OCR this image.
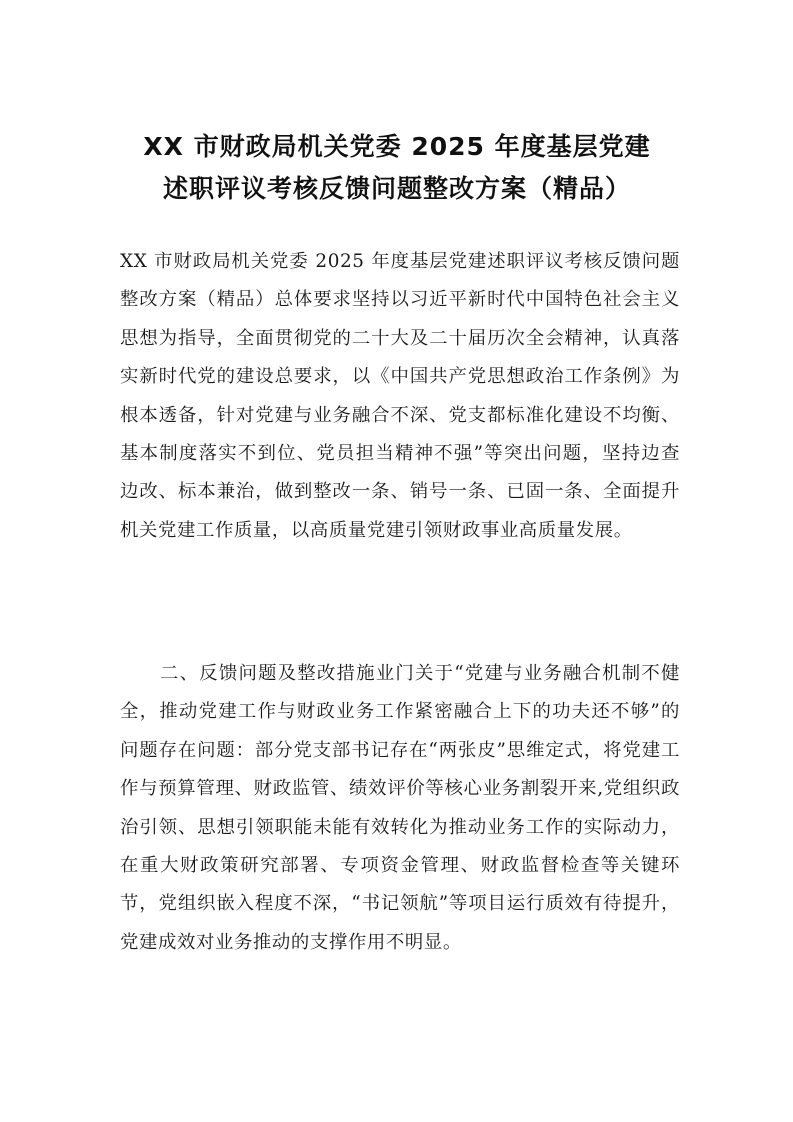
XX 市财政局机关党委 2025 年度基层党建
述职评议考核反馈问题整改方案（精品）

XX 市财政局机关党委 2025 年度基层党建述职评议考核反馈问题整改方案（精品）总体要求坚持以习近平新时代中国特色社会主义思想为指导，全面贯彻党的二十大及二十届历次全会精神，认真落实新时代党的建设总要求，以《中国共产党思想政治工作条例》为根本透备，针对党建与业务融合不深、党支都标准化建设不均衡、基本制度落实不到位、党员担当精神不强”等突出问题，坚持边查边改、标本兼治，做到整改一条、销号一条、已固一条、全面提升机关党建工作质量，以高质量党建引领财政事业高质量发展。

二、反馈问题及整改措施业门关于“党建与业务融合机制不健全，推动党建工作与财政业务工作紧密融合上下的功夫还不够”的问题存在问题：部分党支部书记存在“两张皮”思维定式，将党建工作与预算管理、财政监管、绩效评价等核心业务割裂开来,党组织政治引领、思想引领职能未能有效转化为推动业务工作的实际动力，在重大财政策研究部署、专项资金管理、财政监督检查等关键环节，党组织嵌入程度不深，“书记领航”等项目运行质效有待提升，党建成效对业务推动的支撑作用不明显。
